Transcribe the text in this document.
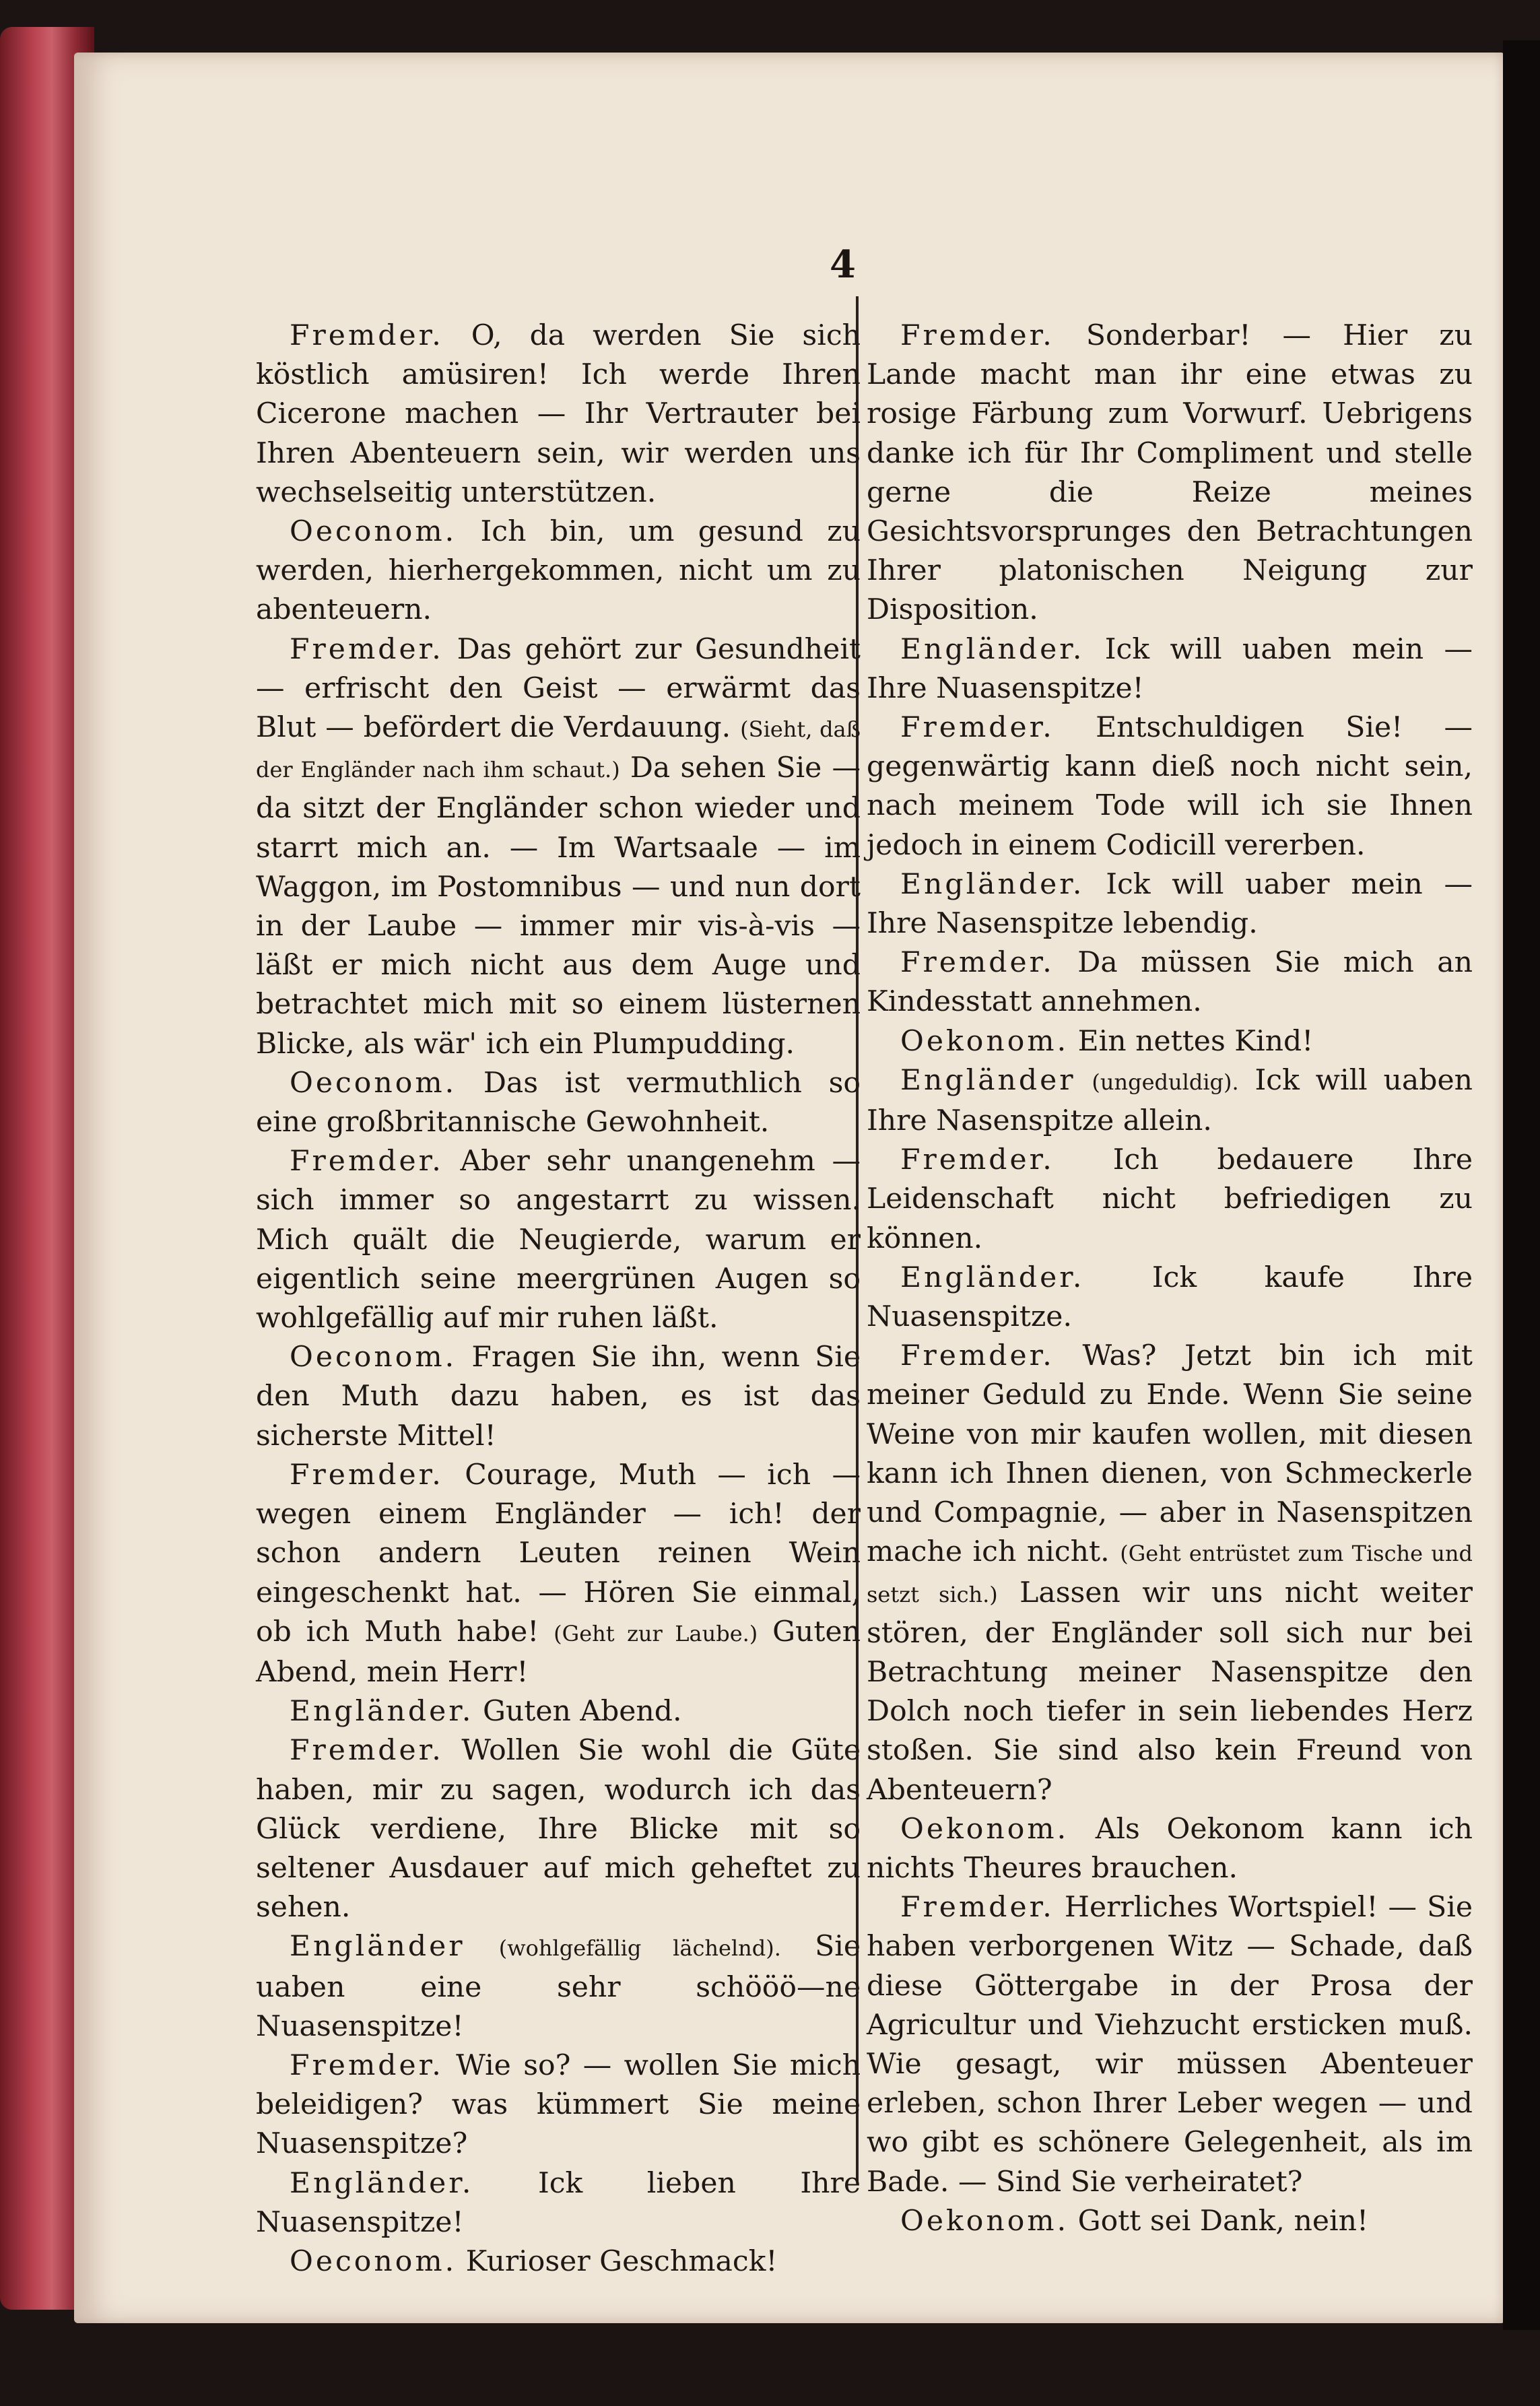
4

Fremder. O, da werden Sie sich köstlich amüsiren! Ich werde Ihren Cicerone machen — Ihr Vertrauter bei Ihren Abenteuern sein, wir werden uns wechselseitig unterstützen.

Oeconom. Ich bin, um gesund zu werden, hierhergekommen, nicht um zu abenteuern.

Fremder. Das gehört zur Gesundheit — erfrischt den Geist — erwärmt das Blut — befördert die Verdauung. (Sieht, daß der Engländer nach ihm schaut.) Da sehen Sie — da sitzt der Engländer schon wieder und starrt mich an. — Im Wartsaale — im Waggon, im Postomnibus — und nun dort in der Laube — immer mir vis-à-vis — läßt er mich nicht aus dem Auge und betrachtet mich mit so einem lüsternen Blicke, als wär' ich ein Plumpudding.

Oeconom. Das ist vermuthlich so eine großbritannische Gewohnheit.

Fremder. Aber sehr unangenehm — sich immer so angestarrt zu wissen. Mich quält die Neugierde, warum er eigentlich seine meergrünen Augen so wohlgefällig auf mir ruhen läßt.

Oeconom. Fragen Sie ihn, wenn Sie den Muth dazu haben, es ist das sicherste Mittel!

Fremder. Courage, Muth — ich — wegen einem Engländer — ich! der schon andern Leuten reinen Wein eingeschenkt hat. — Hören Sie einmal, ob ich Muth habe! (Geht zur Laube.) Guten Abend, mein Herr!

Engländer. Guten Abend.

Fremder. Wollen Sie wohl die Güte haben, mir zu sagen, wodurch ich das Glück verdiene, Ihre Blicke mit so seltener Ausdauer auf mich geheftet zu sehen.

Engländer (wohlgefällig lächelnd). Sie uaben eine sehr schööö—ne Nuasenspitze!

Fremder. Wie so? — wollen Sie mich beleidigen? was kümmert Sie meine Nuasenspitze?

Engländer. Ick lieben Ihre Nuasenspitze!

Oeconom. Kurioser Geschmack!

Fremder. Sonderbar! — Hier zu Lande macht man ihr eine etwas zu rosige Färbung zum Vorwurf. Uebrigens danke ich für Ihr Compliment und stelle gerne die Reize meines Gesichtsvorsprunges den Betrachtungen Ihrer platonischen Neigung zur Disposition.

Engländer. Ick will uaben mein — Ihre Nuasenspitze!

Fremder. Entschuldigen Sie! — gegenwärtig kann dieß noch nicht sein, nach meinem Tode will ich sie Ihnen jedoch in einem Codicill vererben.

Engländer. Ick will uaber mein — Ihre Nasenspitze lebendig.

Fremder. Da müssen Sie mich an Kindesstatt annehmen.

Oekonom. Ein nettes Kind!

Engländer (ungeduldig). Ick will uaben Ihre Nasenspitze allein.

Fremder. Ich bedauere Ihre Leidenschaft nicht befriedigen zu können.

Engländer. Ick kaufe Ihre Nuasenspitze.

Fremder. Was? Jetzt bin ich mit meiner Geduld zu Ende. Wenn Sie seine Weine von mir kaufen wollen, mit diesen kann ich Ihnen dienen, von Schmeckerle und Compagnie, — aber in Nasenspitzen mache ich nicht. (Geht entrüstet zum Tische und setzt sich.) Lassen wir uns nicht weiter stören, der Engländer soll sich nur bei Betrachtung meiner Nasenspitze den Dolch noch tiefer in sein liebendes Herz stoßen. Sie sind also kein Freund von Abenteuern?

Oekonom. Als Oekonom kann ich nichts Theures brauchen.

Fremder. Herrliches Wortspiel! — Sie haben verborgenen Witz — Schade, daß diese Göttergabe in der Prosa der Agricultur und Viehzucht ersticken muß. Wie gesagt, wir müssen Abenteuer erleben, schon Ihrer Leber wegen — und wo gibt es schönere Gelegenheit, als im Bade. — Sind Sie verheiratet?

Oekonom. Gott sei Dank, nein!
